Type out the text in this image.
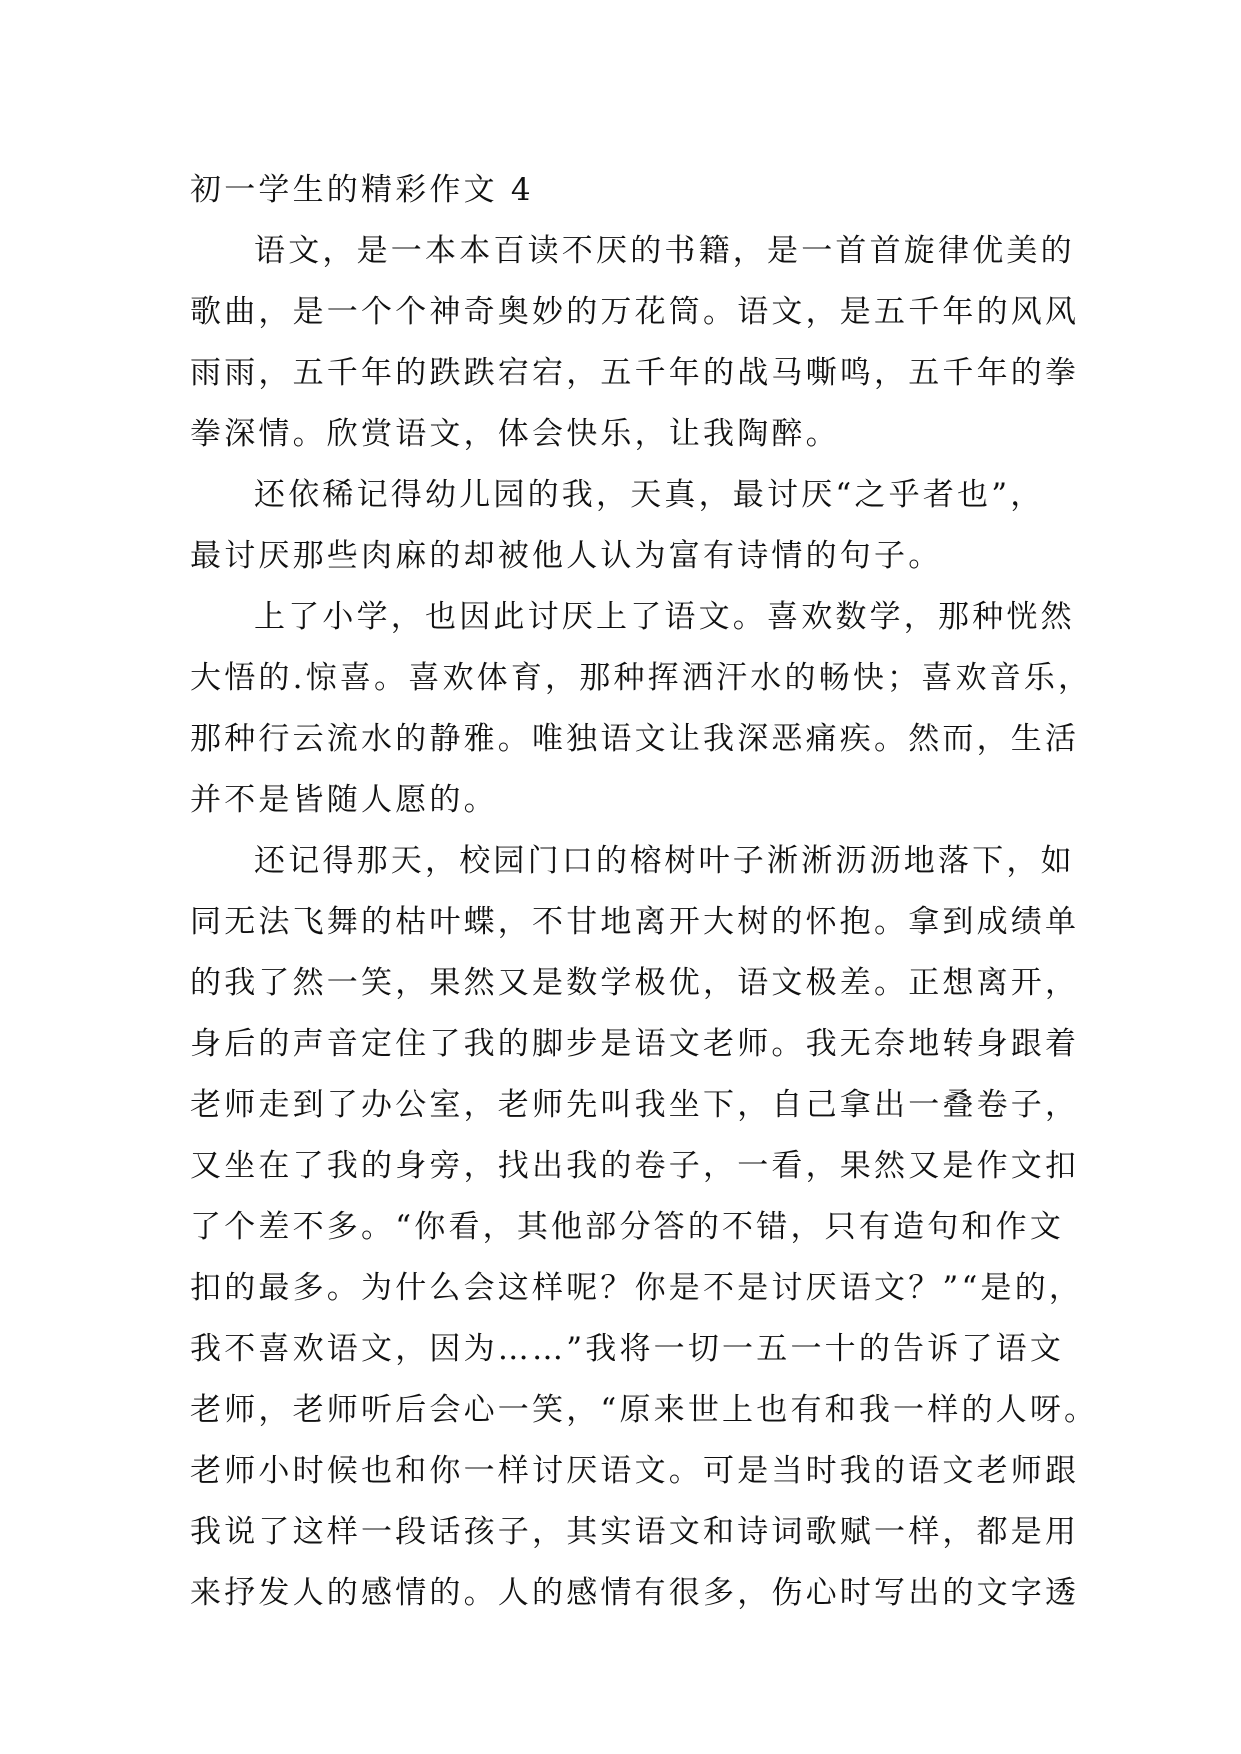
初一学生的精彩作文 4
语文，是一本本百读不厌的书籍，是一首首旋律优美的
歌曲，是一个个神奇奥妙的万花筒。语文，是五千年的风风
雨雨，五千年的跌跌宕宕，五千年的战马嘶鸣，五千年的拳
拳深情。欣赏语文，体会快乐，让我陶醉。
还依稀记得幼儿园的我，天真，最讨厌“之乎者也”，
最讨厌那些肉麻的却被他人认为富有诗情的句子。
上了小学，也因此讨厌上了语文。喜欢数学，那种恍然
大悟的.惊喜。喜欢体育，那种挥洒汗水的畅快；喜欢音乐，
那种行云流水的静雅。唯独语文让我深恶痛疾。然而，生活
并不是皆随人愿的。
还记得那天，校园门口的榕树叶子淅淅沥沥地落下，如
同无法飞舞的枯叶蝶，不甘地离开大树的怀抱。拿到成绩单
的我了然一笑，果然又是数学极优，语文极差。正想离开，
身后的声音定住了我的脚步是语文老师。我无奈地转身跟着
老师走到了办公室，老师先叫我坐下，自己拿出一叠卷子，
又坐在了我的身旁，找出我的卷子，一看，果然又是作文扣
了个差不多。“你看，其他部分答的不错，只有造句和作文
扣的最多。为什么会这样呢？你是不是讨厌语文？”“是的，
我不喜欢语文，因为……”我将一切一五一十的告诉了语文
老师，老师听后会心一笑，“原来世上也有和我一样的人呀。
老师小时候也和你一样讨厌语文。可是当时我的语文老师跟
我说了这样一段话孩子，其实语文和诗词歌赋一样，都是用
来抒发人的感情的。人的感情有很多，伤心时写出的文字透
